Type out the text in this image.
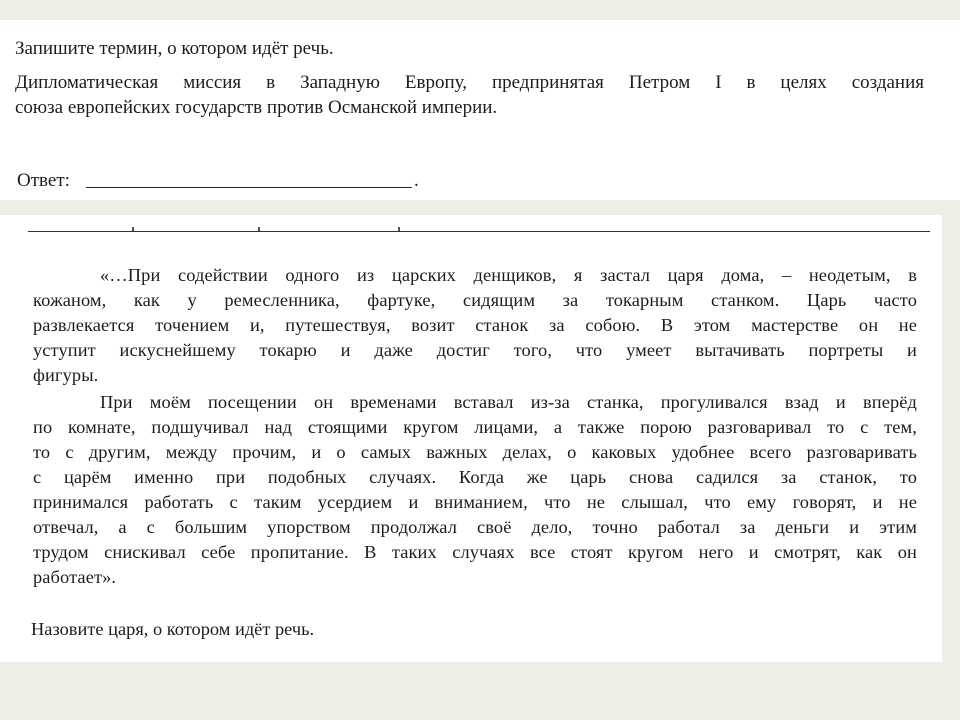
Запишите термин, о котором идёт речь.

Дипломатическая миссия в Западную Европу, предпринятая Петром I в целях создания

союза европейских государств против Османской империи.

Ответ:	.

«…При содействии одного из царских денщиков, я застал царя дома, – неодетым, в

кожаном, как у ремесленника, фартуке, сидящим за токарным станком. Царь часто

развлекается точением и, путешествуя, возит станок за собою. В этом мастерстве он не

уступит искуснейшему токарю и даже достиг того, что умеет вытачивать портреты и

фигуры.

При моём посещении он временами вставал из-за станка, прогуливался взад и вперёд

по комнате, подшучивал над стоящими кругом лицами, а также порою разговаривал то с тем,

то с другим, между прочим, и о самых важных делах, о каковых удобнее всего разговаривать

с царём именно при подобных случаях. Когда же царь снова садился за станок, то

принимался работать с таким усердием и вниманием, что не слышал, что ему говорят, и не

отвечал, а с большим упорством продолжал своё дело, точно работал за деньги и этим

трудом снискивал себе пропитание. В таких случаях все стоят кругом него и смотрят, как он

работает».

Назовите царя, о котором идёт речь.
